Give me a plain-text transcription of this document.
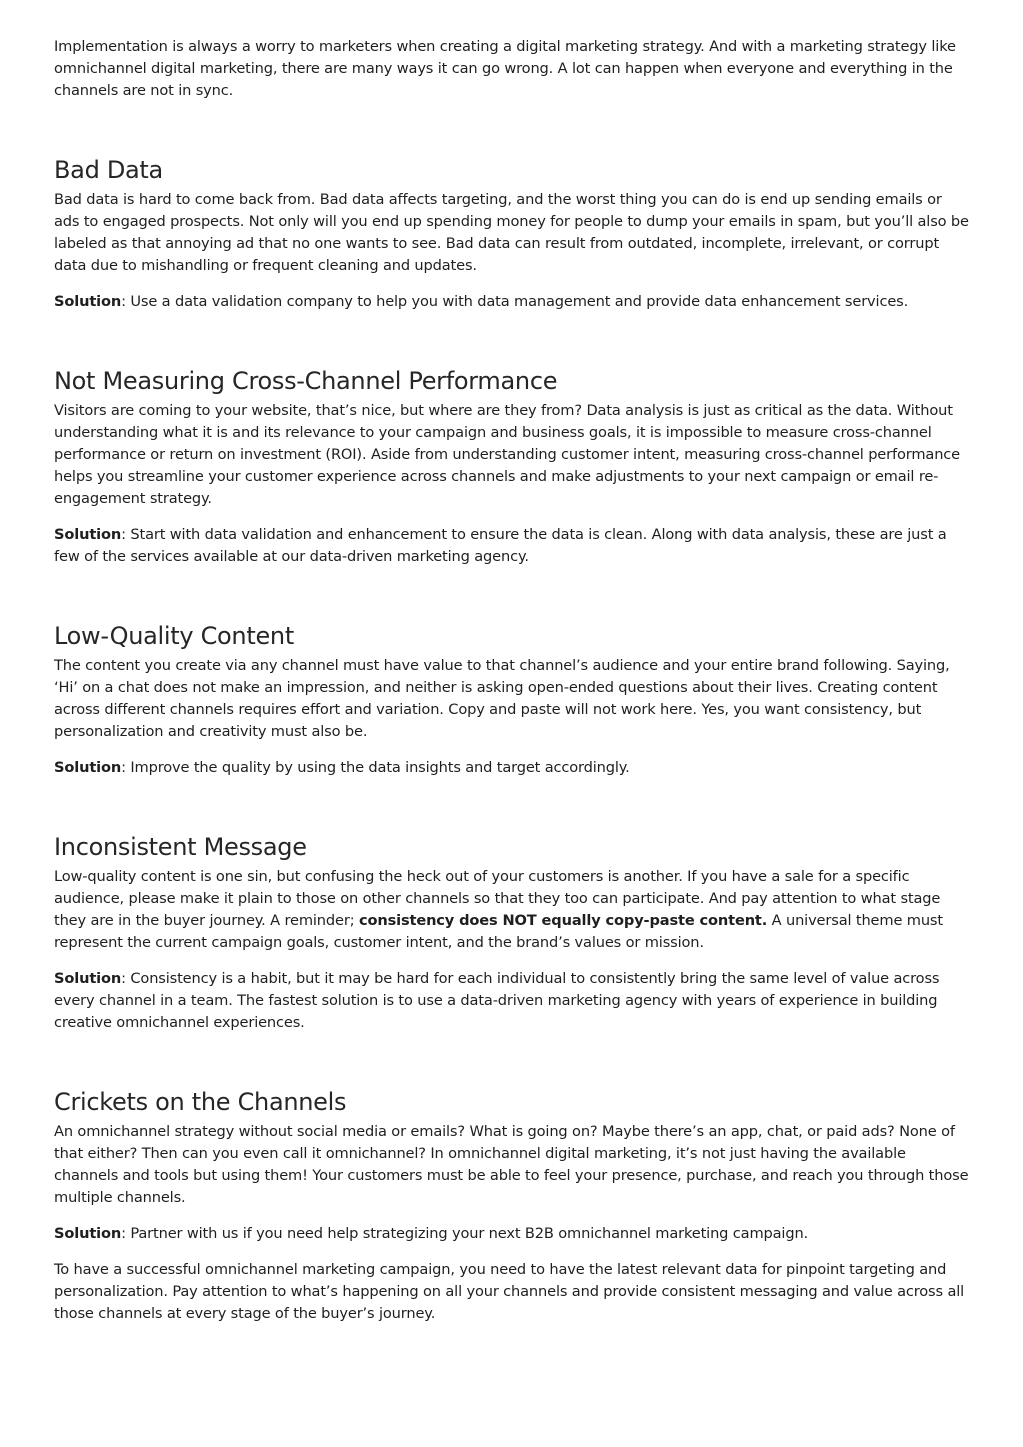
Implementation is always a worry to marketers when creating a digital marketing strategy. And with a marketing strategy like omnichannel digital marketing, there are many ways it can go wrong. A lot can happen when everyone and everything in the channels are not in sync.

Bad Data

Bad data is hard to come back from. Bad data affects targeting, and the worst thing you can do is end up sending emails or ads to engaged prospects. Not only will you end up spending money for people to dump your emails in spam, but you’ll also be labeled as that annoying ad that no one wants to see. Bad data can result from outdated, incomplete, irrelevant, or corrupt data due to mishandling or frequent cleaning and updates.

Solution: Use a data validation company to help you with data management and provide data enhancement services.

Not Measuring Cross-Channel Performance

Visitors are coming to your website, that’s nice, but where are they from? Data analysis is just as critical as the data. Without understanding what it is and its relevance to your campaign and business goals, it is impossible to measure cross-channel performance or return on investment (ROI). Aside from understanding customer intent, measuring cross-channel performance helps you streamline your customer experience across channels and make adjustments to your next campaign or email re-engagement strategy.

Solution: Start with data validation and enhancement to ensure the data is clean. Along with data analysis, these are just a few of the services available at our data-driven marketing agency.

Low-Quality Content

The content you create via any channel must have value to that channel’s audience and your entire brand following. Saying, ‘Hi’ on a chat does not make an impression, and neither is asking open-ended questions about their lives. Creating content across different channels requires effort and variation. Copy and paste will not work here. Yes, you want consistency, but personalization and creativity must also be.

Solution: Improve the quality by using the data insights and target accordingly.

Inconsistent Message

Low-quality content is one sin, but confusing the heck out of your customers is another. If you have a sale for a specific audience, please make it plain to those on other channels so that they too can participate. And pay attention to what stage they are in the buyer journey. A reminder; consistency does NOT equally copy-paste content. A universal theme must represent the current campaign goals, customer intent, and the brand’s values or mission.

Solution: Consistency is a habit, but it may be hard for each individual to consistently bring the same level of value across every channel in a team. The fastest solution is to use a data-driven marketing agency with years of experience in building creative omnichannel experiences.

Crickets on the Channels

An omnichannel strategy without social media or emails? What is going on? Maybe there’s an app, chat, or paid ads? None of that either? Then can you even call it omnichannel? In omnichannel digital marketing, it’s not just having the available channels and tools but using them! Your customers must be able to feel your presence, purchase, and reach you through those multiple channels.

Solution: Partner with us if you need help strategizing your next B2B omnichannel marketing campaign.

To have a successful omnichannel marketing campaign, you need to have the latest relevant data for pinpoint targeting and personalization. Pay attention to what’s happening on all your channels and provide consistent messaging and value across all those channels at every stage of the buyer’s journey.
